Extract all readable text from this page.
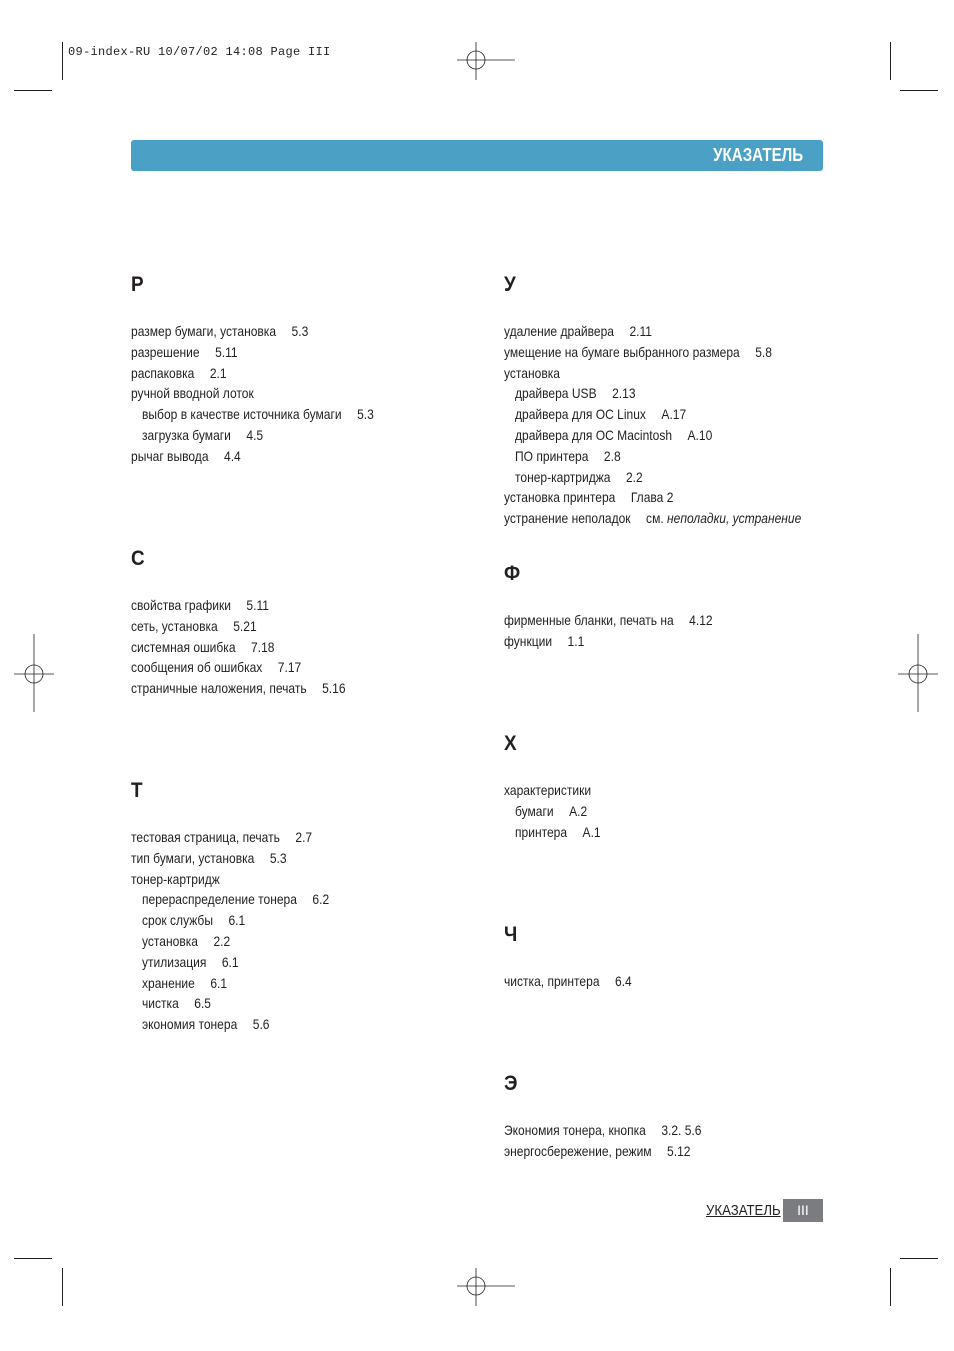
09-index-RU 10/07/02 14:08 Page III
УКАЗАТЕЛЬ
Р
размер бумаги, установка 5.3
разрешение 5.11
распаковка 2.1
ручной вводной лоток
выбор в качестве источника бумаги 5.3
загрузка бумаги 4.5
рычаг вывода 4.4
С
свойства графики 5.11
сеть, установка 5.21
системная ошибка 7.18
сообщения об ошибках 7.17
страничные наложения, печать 5.16
Т
тестовая страница, печать 2.7
тип бумаги, установка 5.3
тонер-картридж
перераспределение тонера 6.2
срок службы 6.1
установка 2.2
утилизация 6.1
хранение 6.1
чистка 6.5
экономия тонера 5.6
У
удаление драйвера 2.11
умещение на бумаге выбранного размера 5.8
установка
драйвера USB 2.13
драйвера для ОС Linux A.17
драйвера для ОС Macintosh A.10
ПО принтера 2.8
тонер-картриджа 2.2
установка принтера Глава 2
устранение неполадок см. неполадки, устранение
Ф
фирменные бланки, печать на 4.12
функции 1.1
Х
характеристики
бумаги A.2
принтера A.1
Ч
чистка, принтера 6.4
Э
Экономия тонера, кнопка 3.2. 5.6
энергосбережение, режим 5.12
УКАЗАТЕЛЬ	III
